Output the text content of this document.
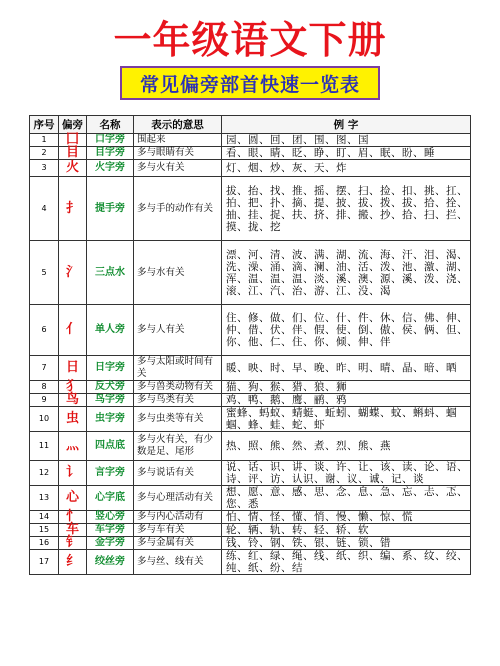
一年级语文下册
常见偏旁部首快速一览表
序号	偏旁	名称	表示的意思	例 字
1	囗	口字旁	围起来	园、圆、回、团、围、图、国
2	目	目字旁	多与眼睛有关	看、眼、睛、眨、睁、盯、眉、眠、盼、睡
3	火	火字旁	多与火有关	灯、烟、炒、灰、天、炸
4	扌	提手旁	多与手的动作有关	拔、抬、找、推、摇、摆、扫、捡、扣、挑、扛、拍、把、扑、摘、提、披、拔、拨、拔、拾、拴、抽、挂、捉、扶、挤、排、搬、抄、拾、扫、拦、摸、拢、挖
5	氵	三点水	多与水有关	漂、河、清、波、满、湖、流、海、汗、泪、渴、洗、澡、涌、滴、澜、油、活、泼、池、激、湖、浑、温、温、温、淡、溪、澳、源、溪、泼、浇、滚、江、汽、治、游、江、没、渴
6	亻	单人旁	多与人有关	住、修、做、们、位、什、件、休、信、佛、伸、仲、借、伏、伴、假、使、倒、傲、侯、俩、但、你、他、仁、住、你、倾、伸、伴
7	日	日字旁	多与太阳或时间有关	暖、映、时、早、晚、昨、明、晴、晶、暗、晒
8	犭	反犬旁	多与兽类动物有关	猫、狗、猴、猎、狼、狮
9	鸟	鸟字旁	多与鸟类有关	鸡、鸭、鹅、鹰、鹂、鸦
10	虫	虫字旁	多与虫类等有关	蜜蜂、蚂蚁、蜻蜓、蚯蚓、蝴蝶、蚊、蝌蚪、蝈蝈、蜂、蛙、蛇、虾
11	灬	四点底	多与火有关，有少数是足、尾形	热、照、熊、然、煮、烈、熊、燕
12	讠	言字旁	多与说话有关	说、话、识、讲、谈、许、让、该、读、论、语、诗、评、访、认识、谢、议、诚、记、谈
13	心	心字底	多与心理活动有关	想、愿、意、感、思、念、息、急、忘、忐、忑、您、悉
14	忄	竖心旁	多与内心活动有	怕、情、怪、懂、悄、慢、懒、惊、慌
15	车	车字旁	多与车有关	轮、辆、轨、转、轻、轿、软
16	钅	金字旁	多与金属有关	钱、铃、钢、铁、银、链、锁、错
17	纟	绞丝旁	多与丝、线有关	练、红、绿、绳、线、纸、织、编、系、纹、绞、纯、纸、纷、结
